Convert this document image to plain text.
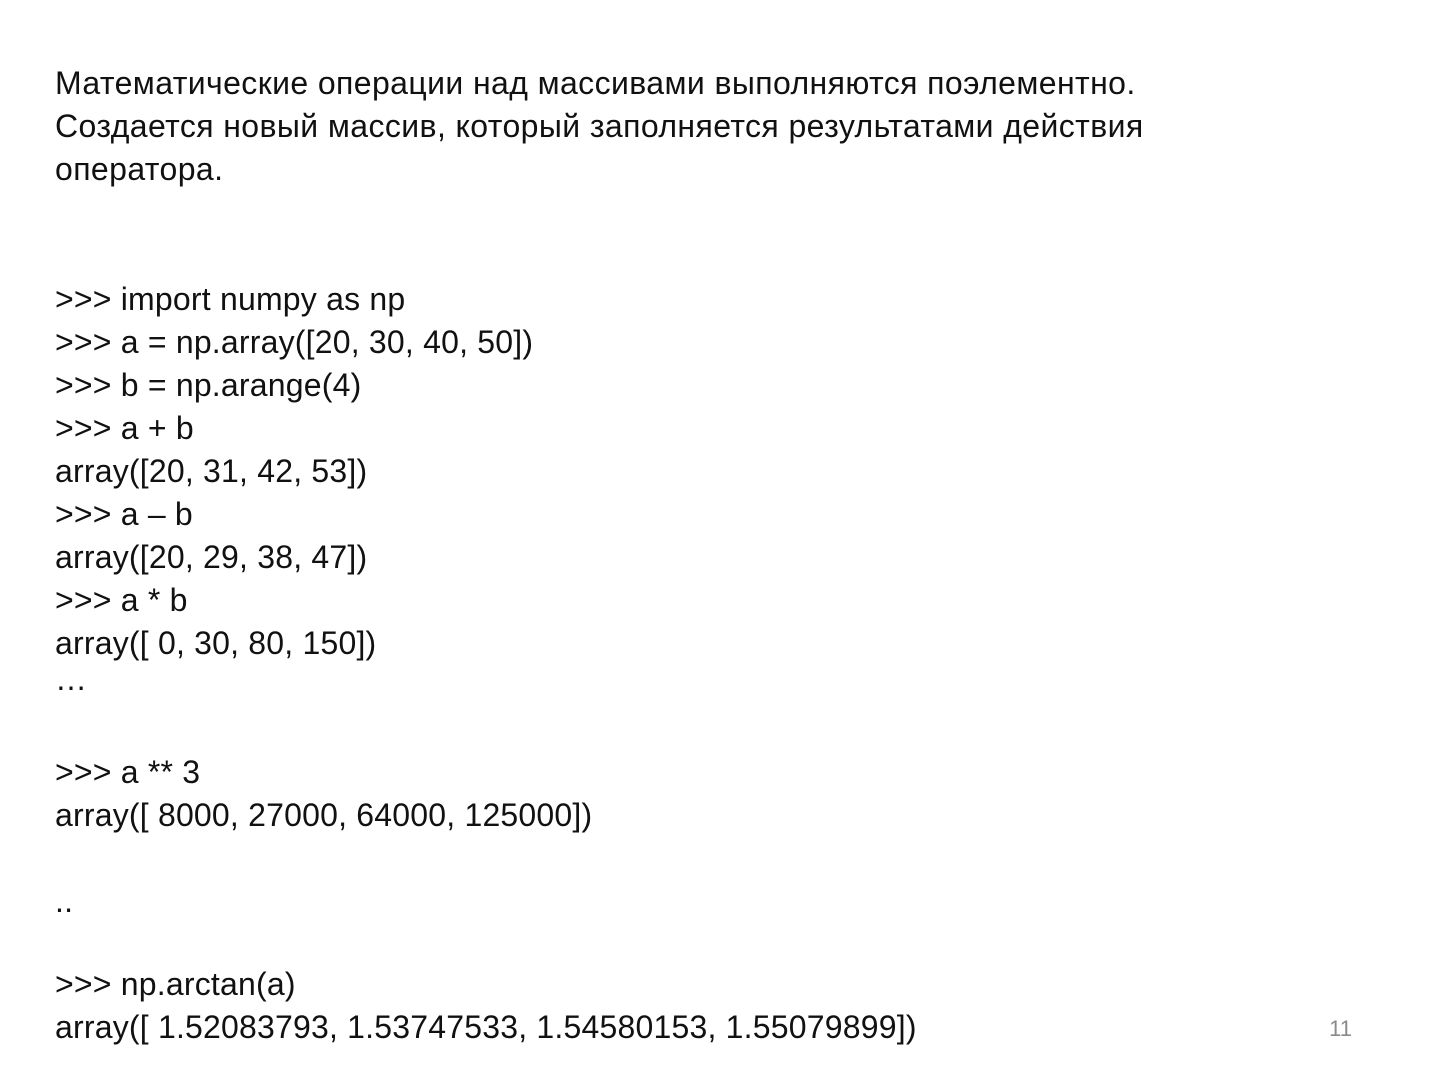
Математические операции над массивами выполняются поэлементно.
Создается новый массив, который заполняется результатами действия
оператора.
>>> import numpy as np
>>> a = np.array([20, 30, 40, 50])
>>> b = np.arange(4)
>>> a + b
array([20, 31, 42, 53])
>>> a – b
array([20, 29, 38, 47])
>>> a * b
array([ 0, 30, 80, 150])
…
>>> a ** 3
array([ 8000, 27000, 64000, 125000])
..
>>> np.arctan(a)
array([ 1.52083793, 1.53747533, 1.54580153, 1.55079899])	11
